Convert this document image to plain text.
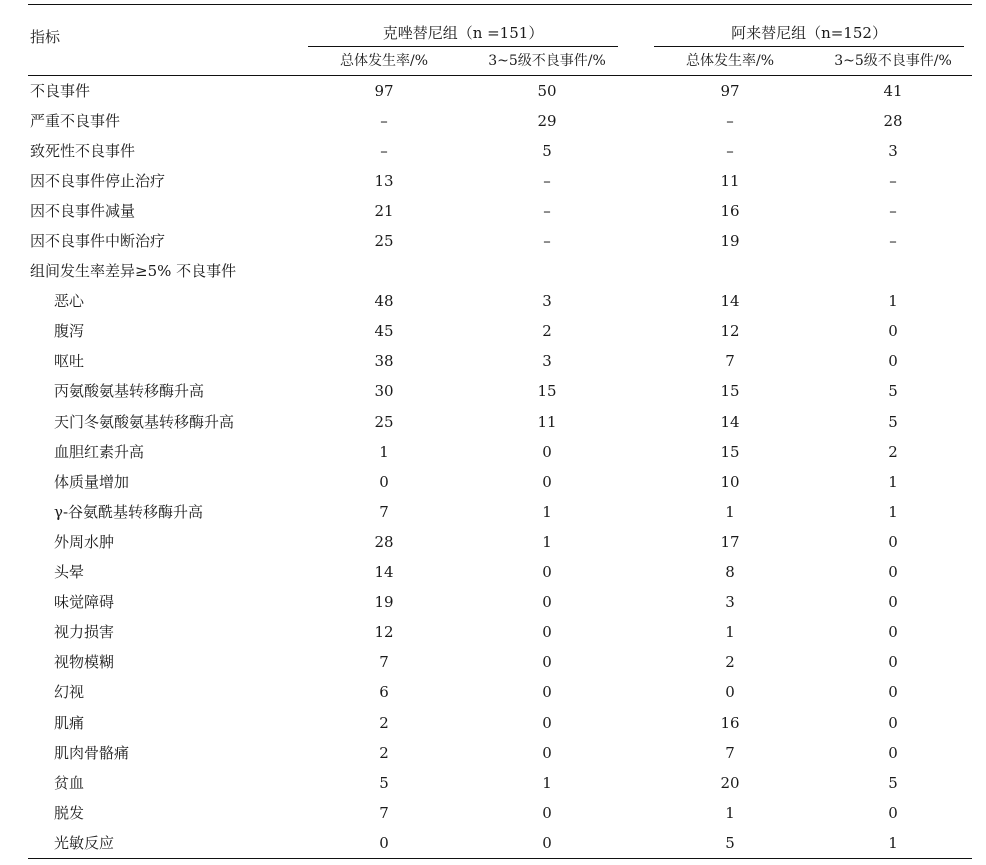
指标	克唑替尼组（n =151）			阿来替尼组（n=152）	

	总体发生率/%	3~5级不良事件/%		总体发生率/%	3~5级不良事件/%
不良事件	97	50		97	41
严重不良事件	–	29		–	28
致死性不良事件	–	5		–	3
因不良事件停止治疗	13	–		11	–
因不良事件减量	21	–		16	–
因不良事件中断治疗	25	–		19	–
组间发生率差异≥5% 不良事件					
恶心	48	3		14	1
腹泻	45	2		12	0
呕吐	38	3		7	0
丙氨酸氨基转移酶升高	30	15		15	5
天门冬氨酸氨基转移酶升高	25	11		14	5
血胆红素升高	1	0		15	2
体质量增加	0	0		10	1
γ-谷氨酰基转移酶升高	7	1		1	1
外周水肿	28	1		17	0
头晕	14	0		8	0
味觉障碍	19	0		3	0
视力损害	12	0		1	0
视物模糊	7	0		2	0
幻视	6	0		0	0
肌痛	2	0		16	0
肌肉骨骼痛	2	0		7	0
贫血	5	1		20	5
脱发	7	0		1	0
光敏反应	0	0		5	1
